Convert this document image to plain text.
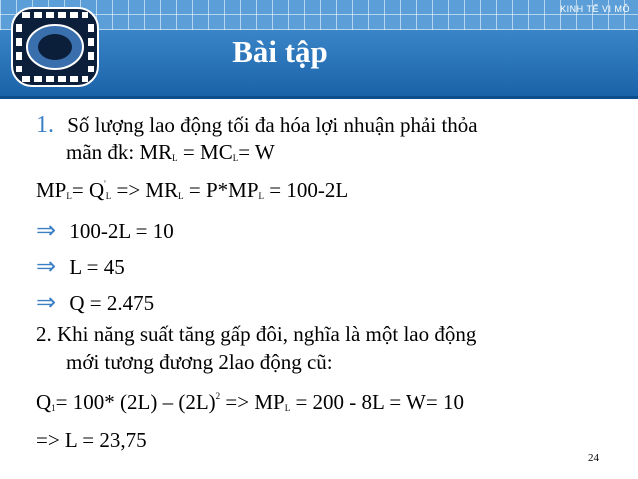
KINH TẾ VI MÔ
Bài tập
1. Số lượng lao động tối đa hóa lợi nhuận phải thỏa
mãn đk: $MR_L = MC_L= W$
$MP_L= Q'_L => MR_L = P*MP_L = 100-2L$
⇒ 100-2L = 10
⇒ L = 45
⇒ Q = 2.475
2. Khi năng suất tăng gấp đôi, nghĩa là một lao động
mới tương đương 2lao động cũ:
$Q_1= 100*$ $(2L) - (2L)^2 => MP_L = 200 - 8L = W= 10$
=> L = 23,75
24
